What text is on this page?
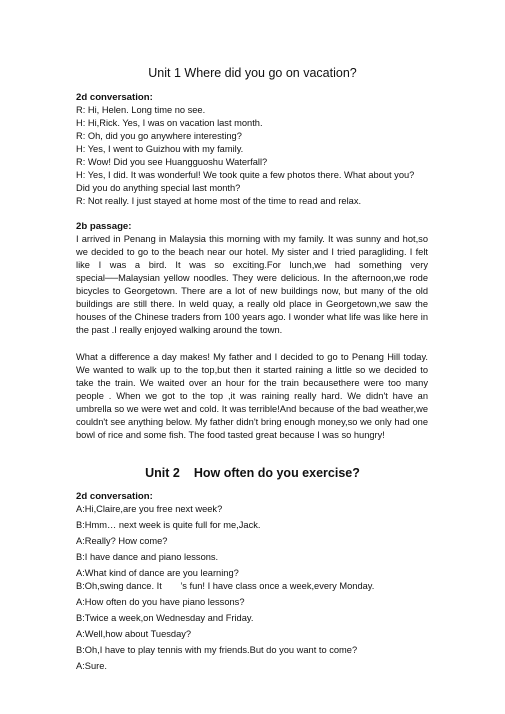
Unit 1 Where did you go on vacation?
2d conversation:
R: Hi, Helen. Long time no see.
H: Hi,Rick. Yes, I was on vacation last month.
R: Oh, did you go anywhere interesting?
H: Yes, I went to Guizhou with my family.
R: Wow! Did you see Huangguoshu Waterfall?
H: Yes, I did. It was wonderful! We took quite a few photos there. What about you?
Did you do anything special last month?
R: Not really. I just stayed at home most of the time to read and relax.
2b passage:
I arrived in Penang in Malaysia this morning with my family. It was sunny and hot,so
we decided to go to the beach near our hotel. My sister and I tried paragliding. I felt
like I was a bird. It was so exciting.For lunch,we had something very
special──Malaysian yellow noodles. They were delicious. In the afternoon,we rode
bicycles to Georgetown. There are a lot of new buildings now, but many of the old
buildings are still there. In weld quay, a really old place in Georgetown,we saw the
houses of the Chinese traders from 100 years ago. I wonder what life was like here in
the past .I really enjoyed walking around the town.
What a difference a day makes! My father and I decided to go to Penang Hill today.
We wanted to walk up to the top,but then it started raining a little so we decided to
take the train. We waited over an hour for the train becausethere were too many
people . When we got to the top ,it was raining really hard. We didn't have an
umbrella so we were wet and cold. It was terrible!And because of the bad weather,we
couldn't see anything below. My father didn't bring enough money,so we only had one
bowl of rice and some fish. The food tasted great because I was so hungry!
Unit 2 How often do you exercise?
2d conversation:
A:Hi,Claire,are you free next week?
B:Hmm… next week is quite full for me,Jack.
A:Really? How come?
B:I have dance and piano lessons.
A:What kind of dance are you learning?
B:Oh,swing dance. It　　’s fun! I have class once a week,every Monday.
A:How often do you have piano lessons?
B:Twice a week,on Wednesday and Friday.
A:Well,how about Tuesday?
B:Oh,I have to play tennis with my friends.But do you want to come?
A:Sure.
